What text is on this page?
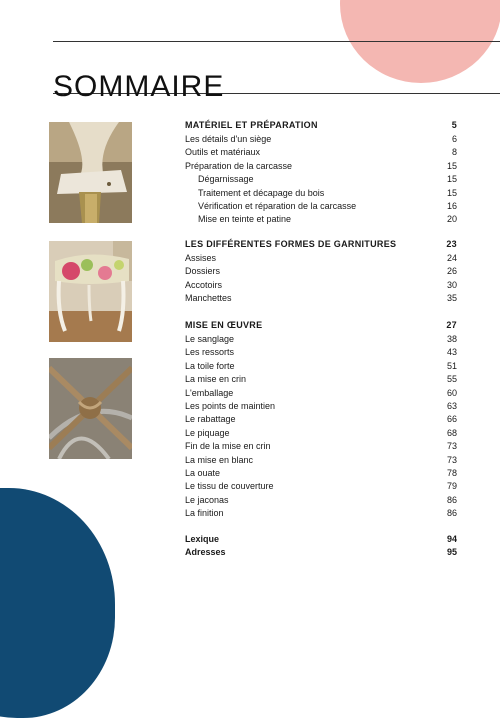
SOMMAIRE
MATÉRIEL ET PRÉPARATION	5
Les détails d'un siège	6
Outils et matériaux	8
Préparation de la carcasse	15
Dégarnissage	15
Traitement et décapage du bois	15
Vérification et réparation de la carcasse	16
Mise en teinte et patine	20
LES DIFFÉRENTES FORMES DE GARNITURES	23
Assises	24
Dossiers	26
Accotoirs	30
Manchettes	35
MISE EN ŒUVRE	27
Le sanglage	38
Les ressorts	43
La toile forte	51
La mise en crin	55
L'emballage	60
Les points de maintien	63
Le rabattage	66
Le piquage	68
Fin de la mise en crin	73
La mise en blanc	73
La ouate	78
Le tissu de couverture	79
Le jaconas	86
La finition	86
Lexique	94
Adresses	95
